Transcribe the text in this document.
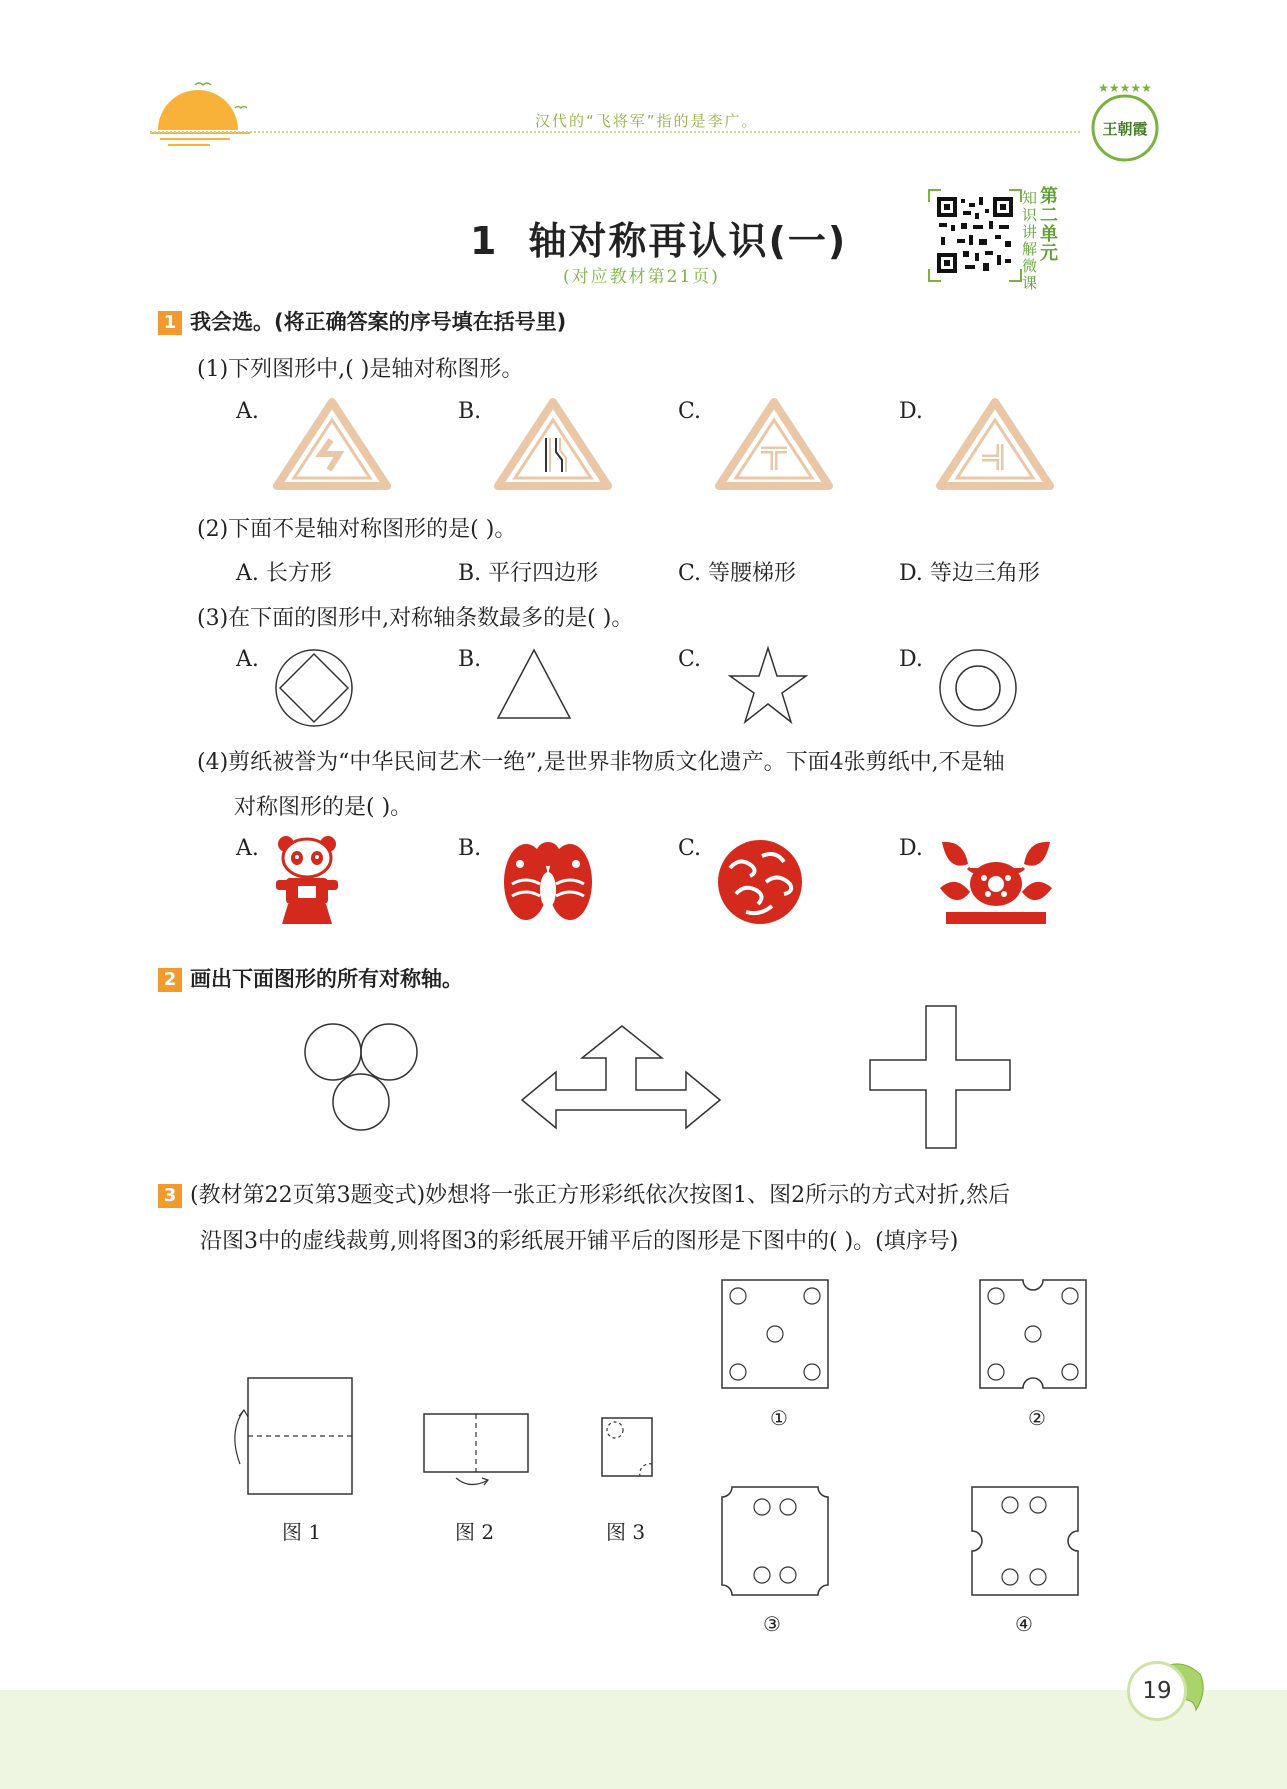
汉代的“飞将军”指的是李广。	王朝霞
★★★★★
1 轴对称再认识(一)
(对应教材第21页)
知识讲解微课
第二单元
1 我会选。(将正确答案的序号填在括号里)
(1)下列图形中,( )是轴对称图形。
A.	B.	C.	D.
(2)下面不是轴对称图形的是( )。
A. 长方形	B. 平行四边形	C. 等腰梯形	D. 等边三角形
(3)在下面的图形中,对称轴条数最多的是( )。
A.	B.	C.	D.
(4)剪纸被誉为“中华民间艺术一绝”,是世界非物质文化遗产。下面4张剪纸中,不是轴
对称图形的是( )。
A.	B.	C.	D.
2 画出下面图形的所有对称轴。
3 (教材第22页第3题变式)妙想将一张正方形彩纸依次按图1、图2所示的方式对折,然后
沿图3中的虚线裁剪,则将图3的彩纸展开铺平后的图形是下图中的( )。(填序号)
图 1	图 2	图 3
①	②
③	④
19
